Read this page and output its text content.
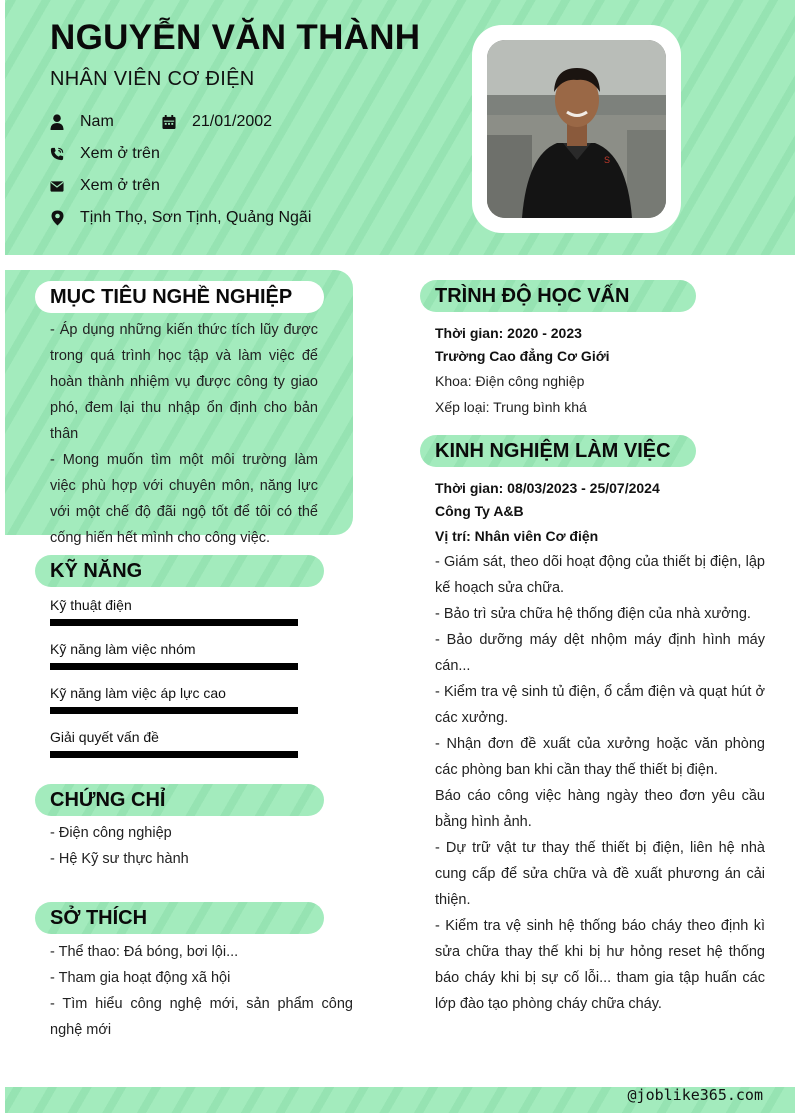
NGUYỄN VĂN THÀNH
NHÂN VIÊN CƠ ĐIỆN
Nam	21/01/2002
Xem ở trên
Xem ở trên
Tịnh Thọ, Sơn Tịnh, Quảng Ngãi
S
MỤC TIÊU NGHỀ NGHIỆP

- Áp dụng những kiến thức tích lũy được trong quá trình học tập và làm việc để hoàn thành nhiệm vụ được công ty giao phó, đem lại thu nhập ổn định cho bản thân

- Mong muốn tìm một môi trường làm việc phù hợp với chuyên môn, năng lực với một chế độ đãi ngộ tốt để tôi có thể cống hiến hết mình cho công việc.

KỸ NĂNG
Kỹ thuật điện
Kỹ năng làm việc nhóm
Kỹ năng làm việc áp lực cao
Giải quyết vấn đề
CHỨNG CHỈ
- Điện công nghiệp
- Hệ Kỹ sư thực hành
SỞ THÍCH
- Thể thao: Đá bóng, bơi lội...
- Tham gia hoạt động xã hội
- Tìm hiểu công nghệ mới, sản phẩm công nghệ mới
TRÌNH ĐỘ HỌC VẤN
Thời gian: 2020 - 2023
Trường Cao đẳng Cơ Giới
Khoa: Điện công nghiệp
Xếp loại: Trung bình khá
KINH NGHIỆM LÀM VIỆC
Thời gian: 08/03/2023 - 25/07/2024
Công Ty A&B
Vị trí: Nhân viên Cơ điện
- Giám sát, theo dõi hoạt động của thiết bị điện, lập kế hoạch sửa chữa.
- Bảo trì sửa chữa hệ thống điện của nhà xưởng.
- Bảo dưỡng máy dệt nhộm máy định hình máy cán...
- Kiểm tra vệ sinh tủ điện, ổ cắm điện và quạt hút ở các xưởng.
- Nhận đơn đề xuất của xưởng hoặc văn phòng các phòng ban khi cần thay thế thiết bị điện.
Báo cáo công việc hàng ngày theo đơn yêu cầu bằng hình ảnh.
- Dự trữ vật tư thay thế thiết bị điện, liên hệ nhà cung cấp để sửa chữa và đề xuất phương án cải thiện.
- Kiểm tra vệ sinh hệ thống báo cháy theo định kì sửa chữa thay thế khi bị hư hỏng reset hệ thống báo cháy khi bị sự cố lỗi... tham gia tập huấn các lớp đào tạo phòng cháy chữa cháy.
@joblike365.com
